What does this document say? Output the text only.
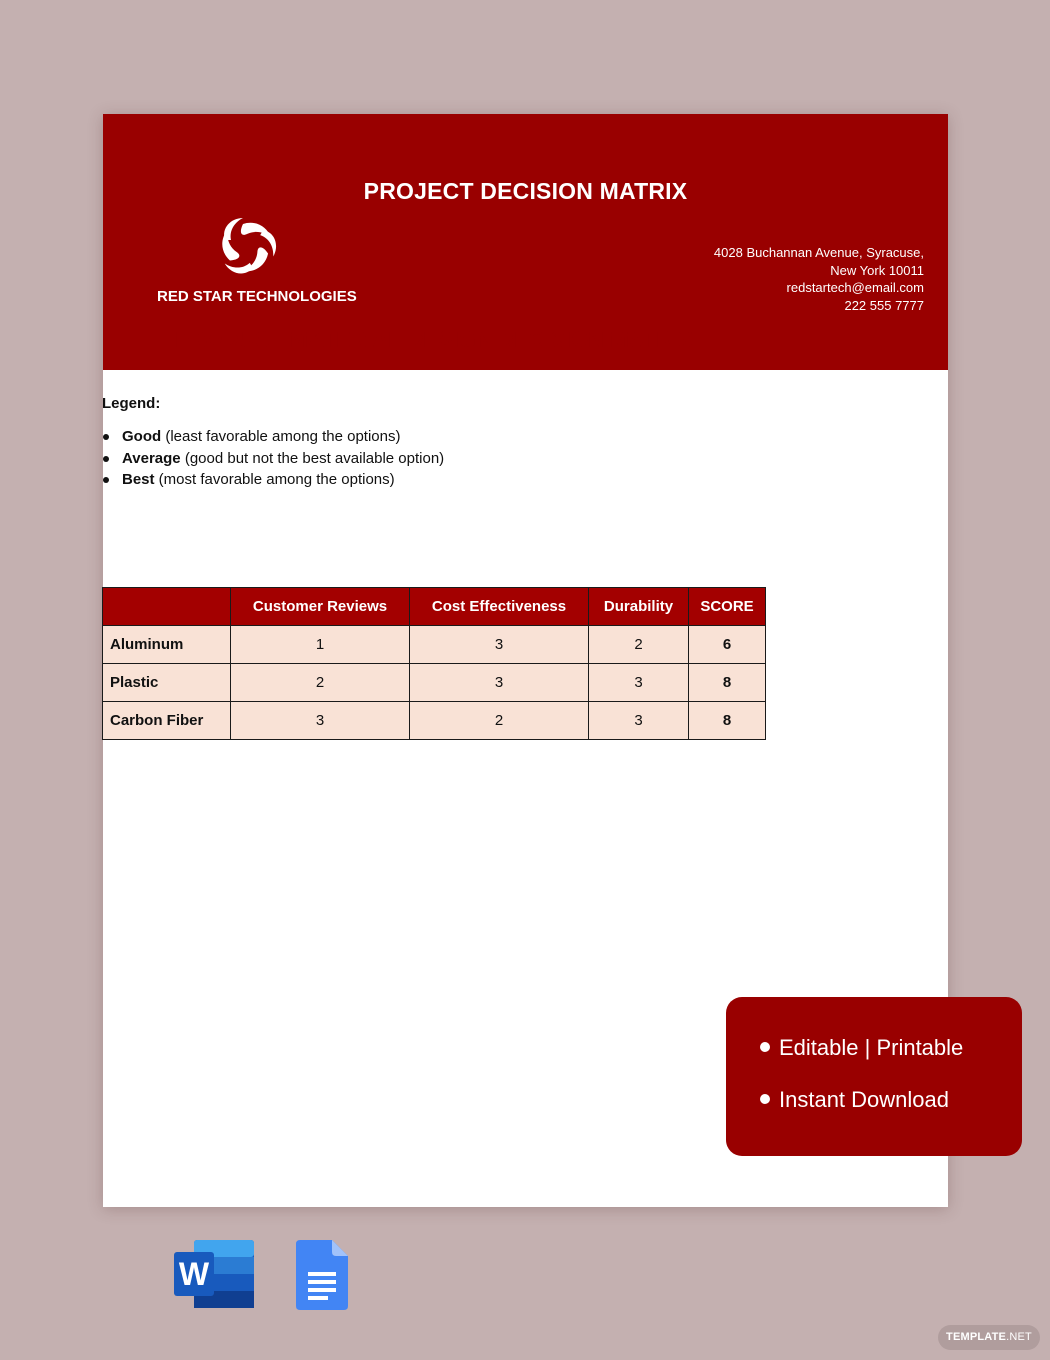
PROJECT DECISION MATRIX
RED STAR TECHNOLOGIES
4028 Buchannan Avenue, Syracuse,
New York 10011
redstartech@email.com
222 555 7777
PRODUCT MATERIAL DESIGN DECISION MATRIX
Legend:
Good (least favorable among the options)
Average (good but not the best available option)
Best (most favorable among the options)
	Customer Reviews	Cost Effectiveness	Durability	SCORE
Aluminum	1	3	2	6
Plastic	2	3	3	8
Carbon Fiber	3	2	3	8
Editable | Printable
Instant Download
W
TEMPLATE.NET
